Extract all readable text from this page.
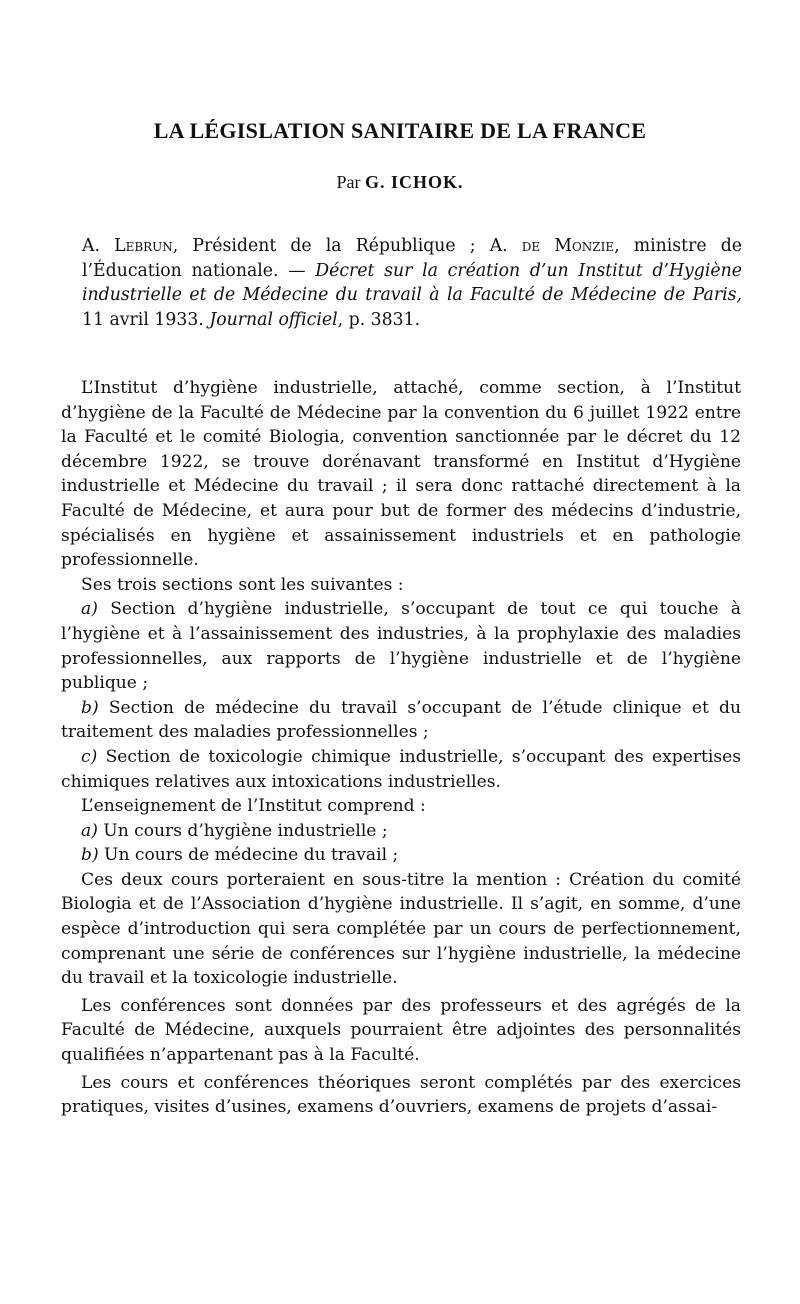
LA LÉGISLATION SANITAIRE DE LA FRANCE
Par G. ICHOK.
A. Lebrun, Président de la République ; A. de Monzie, ministre de l’Éducation nationale. — Décret sur la création d’un Institut d’Hygiène industrielle et de Médecine du travail à la Faculté de Médecine de Paris, 11 avril 1933. Journal officiel, p. 3831.

L’Institut d’hygiène industrielle, attaché, comme section, à l’Institut d’hygiène de la Faculté de Médecine par la convention du 6 juillet 1922 entre la Faculté et le comité Biologia, convention sanctionnée par le décret du 12 décembre 1922, se trouve dorénavant transformé en Institut d’Hygiène industrielle et Médecine du travail ; il sera donc rattaché directement à la Faculté de Médecine, et aura pour but de former des médecins d’industrie, spécialisés en hygiène et assainissement industriels et en pathologie professionnelle.

Ses trois sections sont les suivantes :

a) Section d’hygiène industrielle, s’occupant de tout ce qui touche à l’hygiène et à l’assainissement des industries, à la prophylaxie des maladies professionnelles, aux rapports de l’hygiène industrielle et de l’hygiène publique ;

b) Section de médecine du travail s’occupant de l’étude clinique et du traitement des maladies professionnelles ;

c) Section de toxicologie chimique industrielle, s’occupant des expertises chimiques relatives aux intoxications industrielles.

L’enseignement de l’Institut comprend :

a) Un cours d’hygiène industrielle ;

b) Un cours de médecine du travail ;

Ces deux cours porteraient en sous-titre la mention : Création du comité Biologia et de l’Association d’hygiène industrielle. Il s’agit, en somme, d’une espèce d’introduction qui sera complétée par un cours de perfectionnement, comprenant une série de conférences sur l’hygiène industrielle, la médecine du travail et la toxicologie industrielle.

Les conférences sont données par des professeurs et des agrégés de la Faculté de Médecine, auxquels pourraient être adjointes des personnalités qualifiées n’appartenant pas à la Faculté.

Les cours et conférences théoriques seront complétés par des exercices pratiques, visites d’usines, examens d’ouvriers, examens de projets d’assai-
